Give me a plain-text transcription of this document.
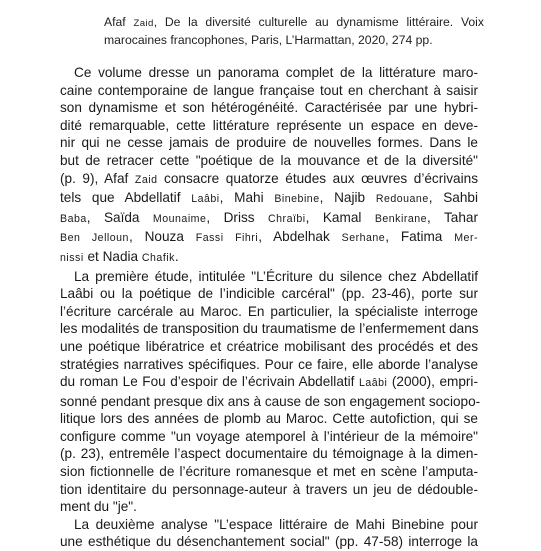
Afaf Zaid, De la diversité culturelle au dynamisme littéraire. Voix
marocaines francophones, Paris, L’Harmattan, 2020, 274 pp.
Ce volume dresse un panorama complet de la littérature maro-
caine contemporaine de langue française tout en cherchant à saisir
son dynamisme et son hétérogénéité. Caractérisée par une hybri-
dité remarquable, cette littérature représente un espace en deve-
nir qui ne cesse jamais de produire de nouvelles formes. Dans le
but de retracer cette "poétique de la mouvance et de la diversité"
(p. 9), Afaf Zaid consacre quatorze études aux œuvres d’écrivains
tels que Abdellatif Laâbi, Mahi Binebine, Najib Redouane, Sahbi
Baba, Saïda Mounaime, Driss Chraïbi, Kamal Benkirane, Tahar
Ben Jelloun, Nouza Fassi Fihri, Abdelhak Serhane, Fatima Mer-
nissi et Nadia Chafik.
La première étude, intitulée "L’Écriture du silence chez Abdellatif
Laâbi ou la poétique de l’indicible carcéral" (pp. 23-46), porte sur
l’écriture carcérale au Maroc. En particulier, la spécialiste interroge
les modalités de transposition du traumatisme de l’enfermement dans
une poétique libératrice et créatrice mobilisant des procédés et des
stratégies narratives spécifiques. Pour ce faire, elle aborde l’analyse
du roman Le Fou d’espoir de l’écrivain Abdellatif Laâbi (2000), empri-
sonné pendant presque dix ans à cause de son engagement sociopo-
litique lors des années de plomb au Maroc. Cette autofiction, qui se
configure comme "un voyage atemporel à l’intérieur de la mémoire"
(p. 23), entremêle l’aspect documentaire du témoignage à la dimen-
sion fictionnelle de l’écriture romanesque et met en scène l’amputa-
tion identitaire du personnage-auteur à travers un jeu de dédouble-
ment du "je".
La deuxième analyse "L’espace littéraire de Mahi Binebine pour
une esthétique du désenchantement social" (pp. 47-58) interroge la
